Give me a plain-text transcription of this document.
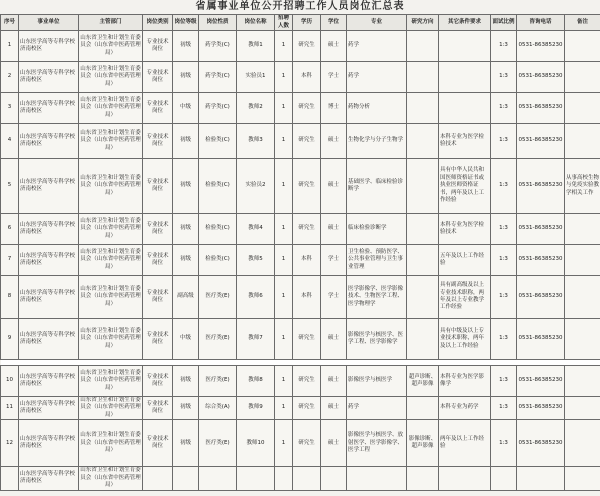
省属事业单位公开招聘工作人员岗位汇总表
序号	事业单位	主管部门	岗位类别	岗位等级	岗位性质	岗位名称	招聘人数	学历	学位	专业	研究方向	其它条件要求	面试比例	咨询电话	备注
1	山东医学高等专科学校济南校区	山东省卫生和计划生育委员会（山东省中医药管理局）	专业技术岗位	初级	药学类(C)	教师1	1	研究生	硕士	药学			1:3	0531-86385230	
2	山东医学高等专科学校济南校区	山东省卫生和计划生育委员会（山东省中医药管理局）	专业技术岗位	初级	药学类(C)	实验员1	1	本科	学士	药学			1:3	0531-86385230	
3	山东医学高等专科学校济南校区	山东省卫生和计划生育委员会（山东省中医药管理局）	专业技术岗位	中级	药学类(C)	教师2	1	研究生	博士	药物分析			1:3	0531-86385230	
4	山东医学高等专科学校济南校区	山东省卫生和计划生育委员会（山东省中医药管理局）	专业技术岗位	初级	检验类(C)	教师3	1	研究生	硕士	生物化学与分子生物学		本科专业为医学检验技术	1:3	0531-86385230	
5	山东医学高等专科学校济南校区	山东省卫生和计划生育委员会（山东省中医药管理局）	专业技术岗位	初级	检验类(C)	实验员2	1	研究生	硕士	基础医学、临床检验诊断学		具有中华人民共和国医师资格证书或执业医师资格证书，两年及以上工作经验	1:3	0531-86385230	从事高校生物与免疫实验教学相关工作
6	山东医学高等专科学校济南校区	山东省卫生和计划生育委员会（山东省中医药管理局）	专业技术岗位	初级	检验类(C)	教师4	1	研究生	硕士	临床检验诊断学		本科专业为医学检验技术	1:3	0531-86385230	
7	山东医学高等专科学校济南校区	山东省卫生和计划生育委员会（山东省中医药管理局）	专业技术岗位	初级	检验类(C)	教师5	1	本科	学士	卫生检验、预防医学、公共事业管理与卫生事业管理		五年及以上工作经验	1:3	0531-86385230	
8	山东医学高等专科学校济南校区	山东省卫生和计划生育委员会（山东省中医药管理局）	专业技术岗位	副高级	医疗类(E)	教师6	1	本科	学士	医学影像学、医学影像技术、生物医学工程、医学物理学		具有副高级及以上专业技术职称，两年及以上专业教学工作经验	1:3	0531-86385230	
9	山东医学高等专科学校济南校区	山东省卫生和计划生育委员会（山东省中医药管理局）	专业技术岗位	中级	医疗类(E)	教师7	1	研究生	硕士	影像医学与核医学、医学工程、医学影像学		具有中级及以上专业技术职称，两年及以上工作经验	1:3	0531-86385230	

10	山东医学高等专科学校济南校区	山东省卫生和计划生育委员会（山东省中医药管理局）	专业技术岗位	初级	医疗类(E)	教师8	1	研究生	硕士	影像医学与核医学	超声诊断、超声影像	本科专业为医学影像学	1:3	0531-86385230	
11	山东医学高等专科学校济南校区	山东省卫生和计划生育委员会（山东省中医药管理局）	专业技术岗位	初级	综合类(A)	教师9	1	研究生	硕士	药学		本科专业为药学	1:3	0531-86385230	
12	山东医学高等专科学校济南校区	山东省卫生和计划生育委员会（山东省中医药管理局）	专业技术岗位	初级	医疗类(E)	教师10	1	研究生	硕士	影像医学与核医学、放射医学、医学影像学、医学工程	影像诊断、超声影像	两年及以上工作经验	1:3	0531-86385230	
	山东医学高等专科学校济南校区	山东省卫生和计划生育委员会（山东省中医药管理局）													
